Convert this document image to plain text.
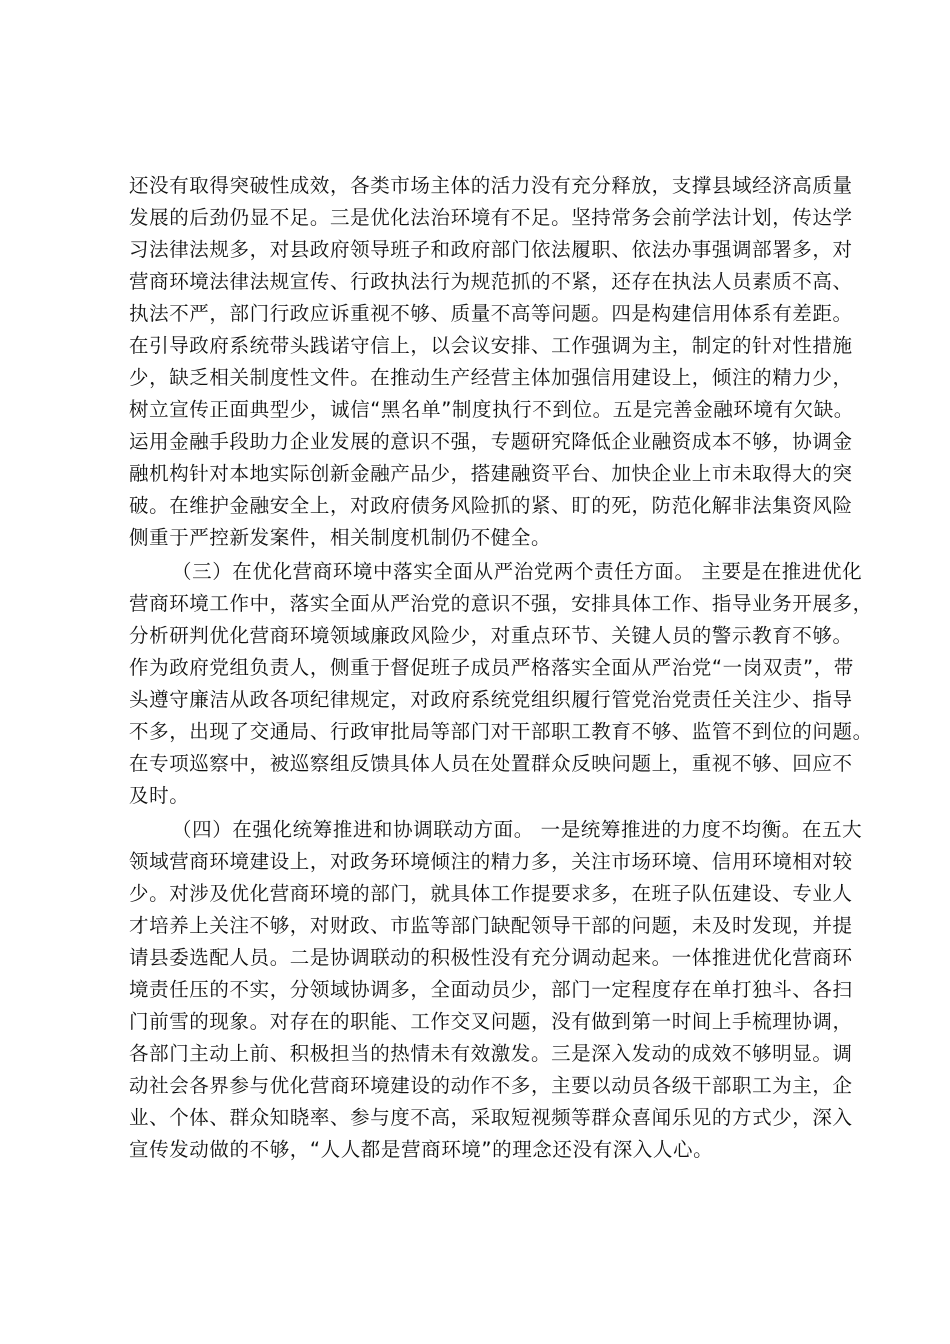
还没有取得突破性成效，各类市场主体的活力没有充分释放，支撑县域经济高质量
发展的后劲仍显不足。三是优化法治环境有不足。坚持常务会前学法计划，传达学
习法律法规多，对县政府领导班子和政府部门依法履职、依法办事强调部署多，对
营商环境法律法规宣传、行政执法行为规范抓的不紧，还存在执法人员素质不高、
执法不严，部门行政应诉重视不够、质量不高等问题。四是构建信用体系有差距。
在引导政府系统带头践诺守信上，以会议安排、工作强调为主，制定的针对性措施
少，缺乏相关制度性文件。在推动生产经营主体加强信用建设上，倾注的精力少，
树立宣传正面典型少，诚信“黑名单”制度执行不到位。五是完善金融环境有欠缺。
运用金融手段助力企业发展的意识不强，专题研究降低企业融资成本不够，协调金
融机构针对本地实际创新金融产品少，搭建融资平台、加快企业上市未取得大的突
破。在维护金融安全上，对政府债务风险抓的紧、盯的死，防范化解非法集资风险
侧重于严控新发案件，相关制度机制仍不健全。
（三）在优化营商环境中落实全面从严治党两个责任方面。 主要是在推进优化
营商环境工作中，落实全面从严治党的意识不强，安排具体工作、指导业务开展多，
分析研判优化营商环境领域廉政风险少，对重点环节、关键人员的警示教育不够。
作为政府党组负责人，侧重于督促班子成员严格落实全面从严治党“一岗双责”，带
头遵守廉洁从政各项纪律规定，对政府系统党组织履行管党治党责任关注少、指导
不多，出现了交通局、行政审批局等部门对干部职工教育不够、监管不到位的问题。
在专项巡察中，被巡察组反馈具体人员在处置群众反映问题上，重视不够、回应不
及时。
（四）在强化统筹推进和协调联动方面。 一是统筹推进的力度不均衡。在五大
领域营商环境建设上，对政务环境倾注的精力多，关注市场环境、信用环境相对较
少。对涉及优化营商环境的部门，就具体工作提要求多，在班子队伍建设、专业人
才培养上关注不够，对财政、市监等部门缺配领导干部的问题，未及时发现，并提
请县委选配人员。二是协调联动的积极性没有充分调动起来。一体推进优化营商环
境责任压的不实，分领域协调多，全面动员少，部门一定程度存在单打独斗、各扫
门前雪的现象。对存在的职能、工作交叉问题，没有做到第一时间上手梳理协调，
各部门主动上前、积极担当的热情未有效激发。三是深入发动的成效不够明显。调
动社会各界参与优化营商环境建设的动作不多，主要以动员各级干部职工为主，企
业、个体、群众知晓率、参与度不高，采取短视频等群众喜闻乐见的方式少，深入
宣传发动做的不够，“人人都是营商环境”的理念还没有深入人心。
